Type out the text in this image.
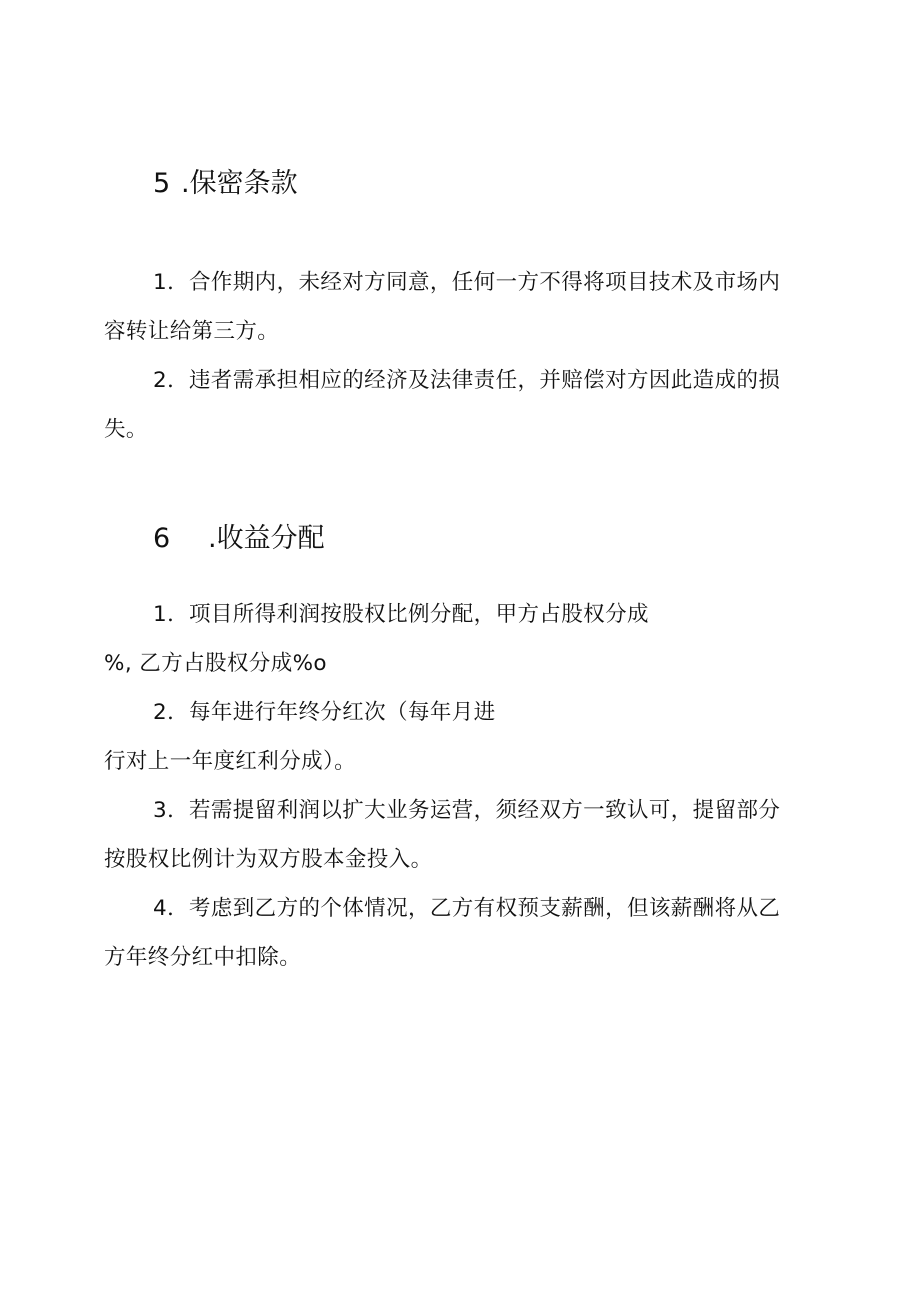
5 .保密条款
1．合作期内，未经对方同意，任何一方不得将项目技术及市场内
容转让给第三方。
2．违者需承担相应的经济及法律责任，并赔偿对方因此造成的损
失。
6 .收益分配
1．项目所得利润按股权比例分配，甲方占股权分成
%, 乙方占股权分成%o
2．每年进行年终分红次（每年月进
行对上一年度红利分成）。
3．若需提留利润以扩大业务运营，须经双方一致认可，提留部分
按股权比例计为双方股本金投入。
4．考虑到乙方的个体情况，乙方有权预支薪酬，但该薪酬将从乙
方年终分红中扣除。
